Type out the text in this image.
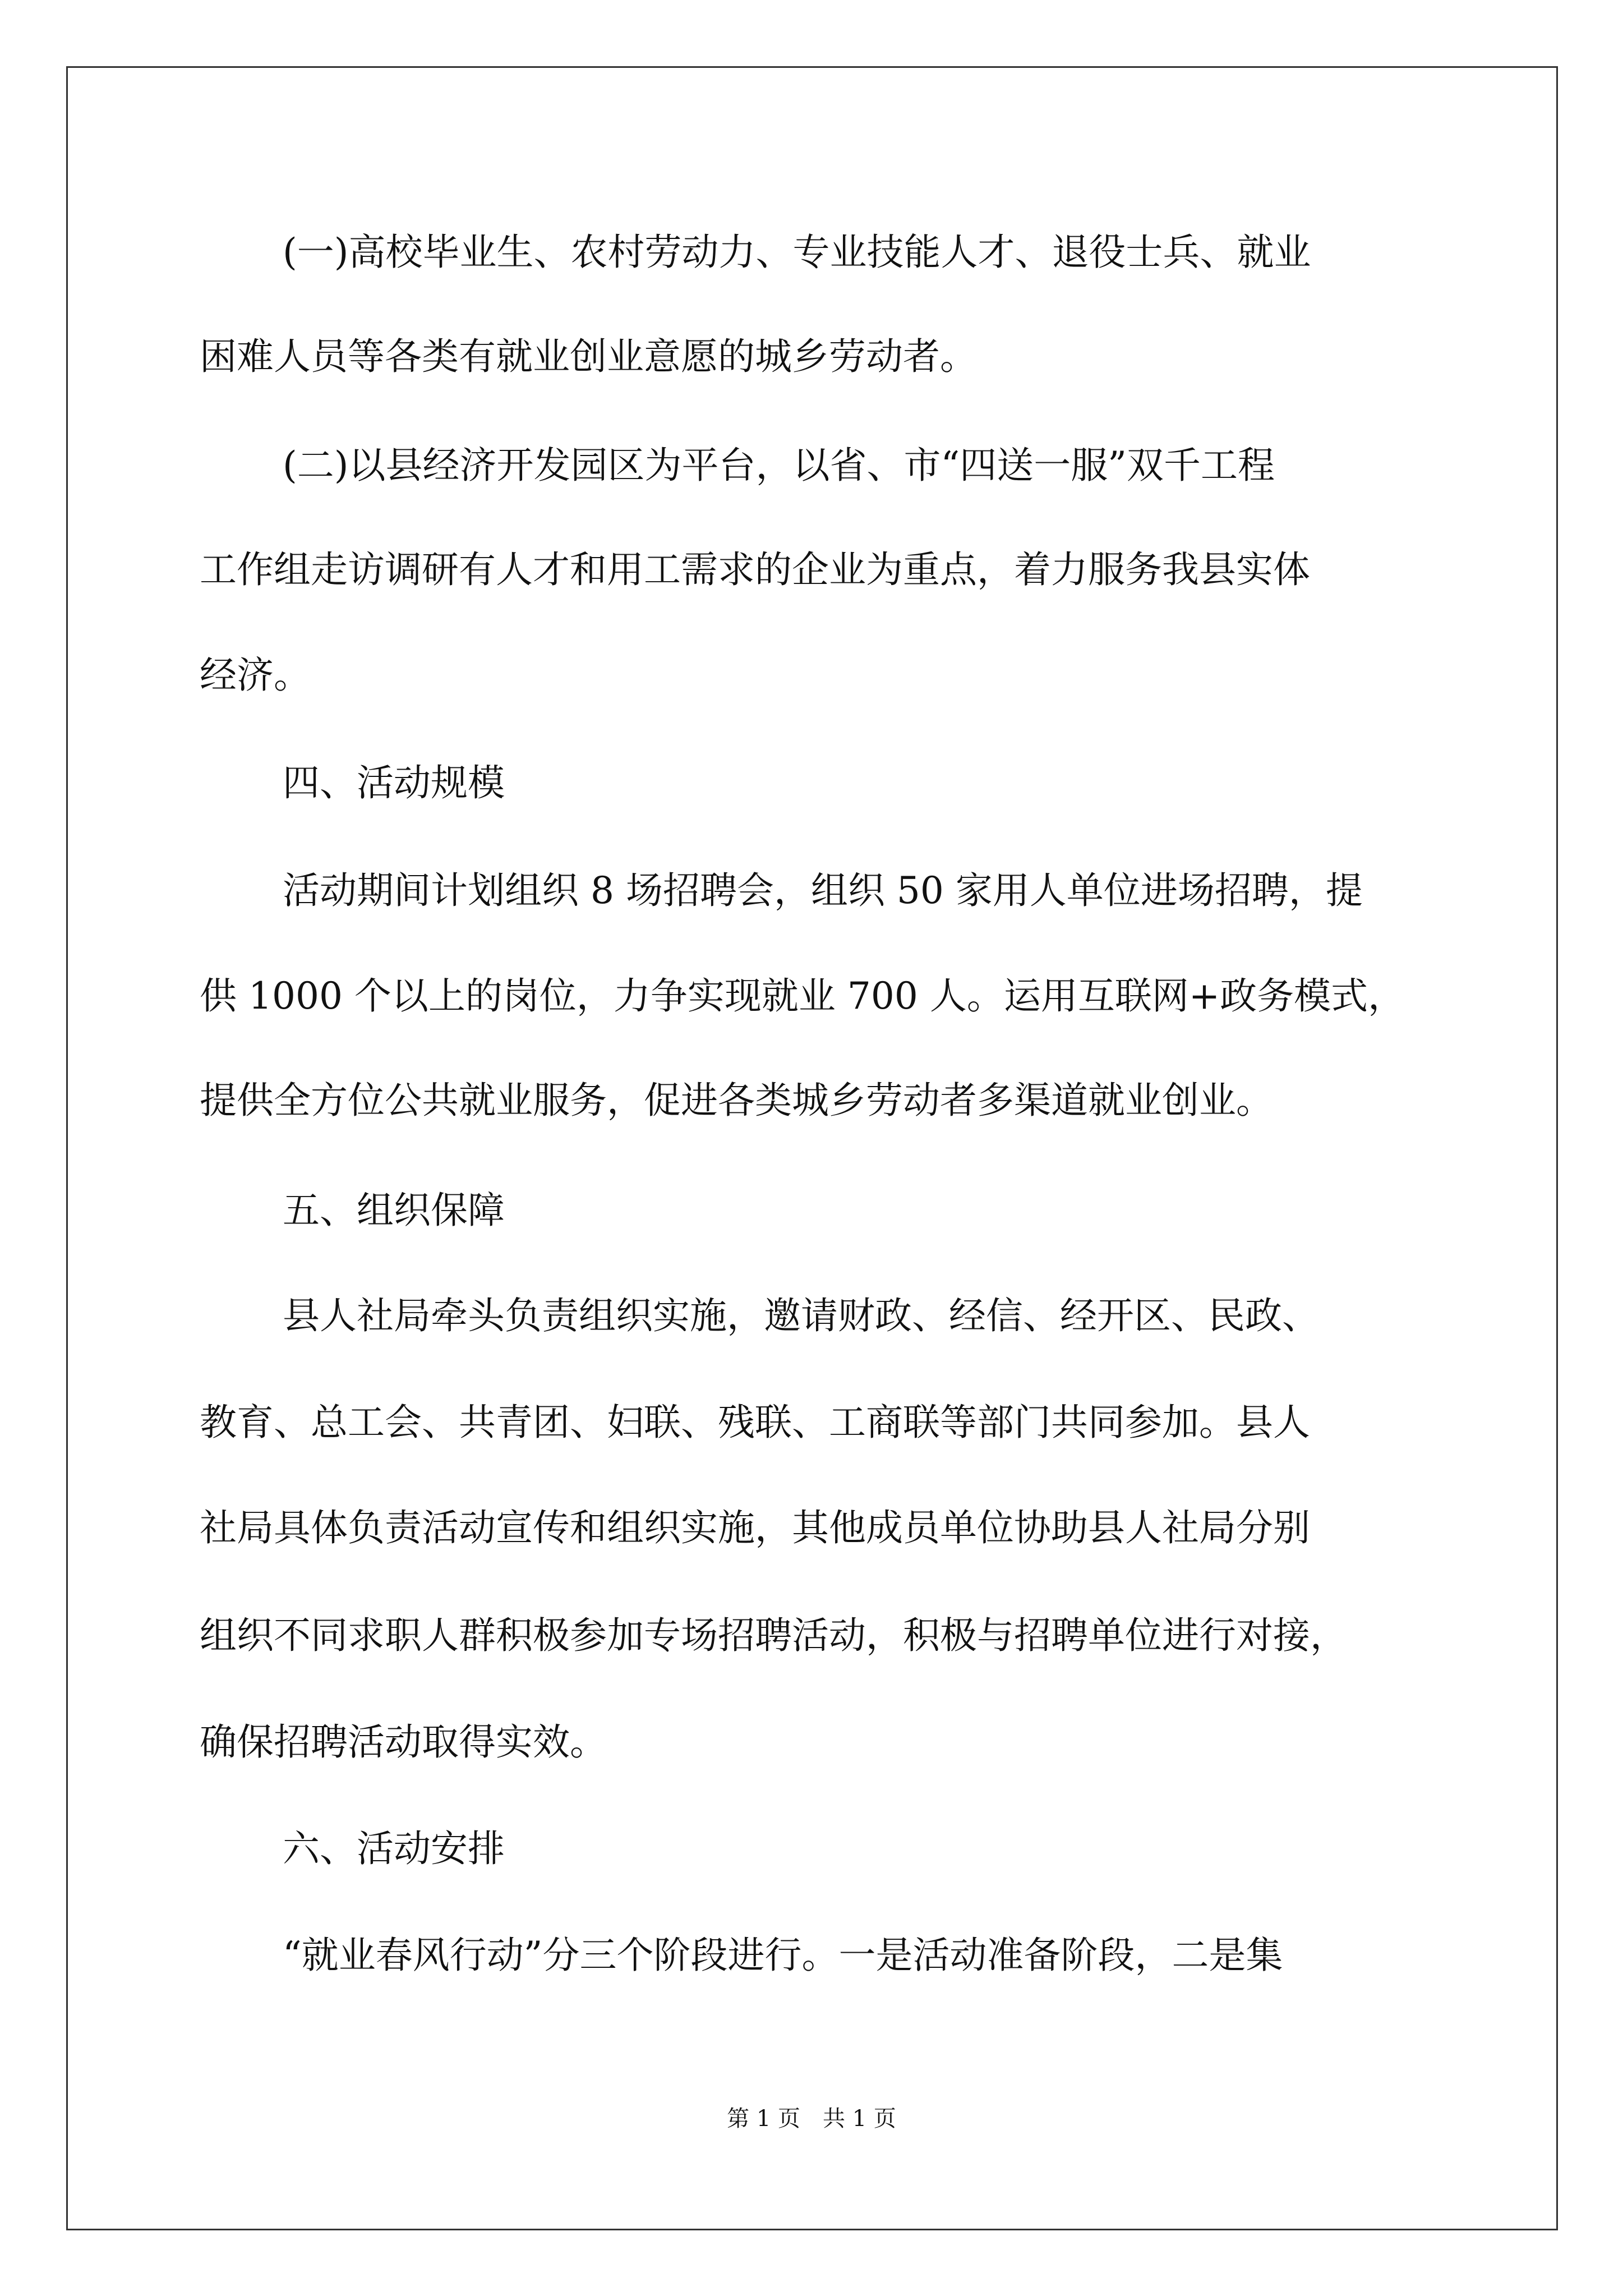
(一)高校毕业生、农村劳动力、专业技能人才、退役士兵、就业
困难人员等各类有就业创业意愿的城乡劳动者。
(二)以县经济开发园区为平台，以省、市“四送一服”双千工程
工作组走访调研有人才和用工需求的企业为重点，着力服务我县实体
经济。
四、活动规模
活动期间计划组织 8 场招聘会，组织 50 家用人单位进场招聘，提
供 1000 个以上的岗位，力争实现就业 700 人。运用互联网+政务模式，
提供全方位公共就业服务，促进各类城乡劳动者多渠道就业创业。
五、组织保障
县人社局牵头负责组织实施，邀请财政、经信、经开区、民政、
教育、总工会、共青团、妇联、残联、工商联等部门共同参加。县人
社局具体负责活动宣传和组织实施，其他成员单位协助县人社局分别
组织不同求职人群积极参加专场招聘活动，积极与招聘单位进行对接，
确保招聘活动取得实效。
六、活动安排
“就业春风行动”分三个阶段进行。一是活动准备阶段，二是集
第 1 页　共 1 页
